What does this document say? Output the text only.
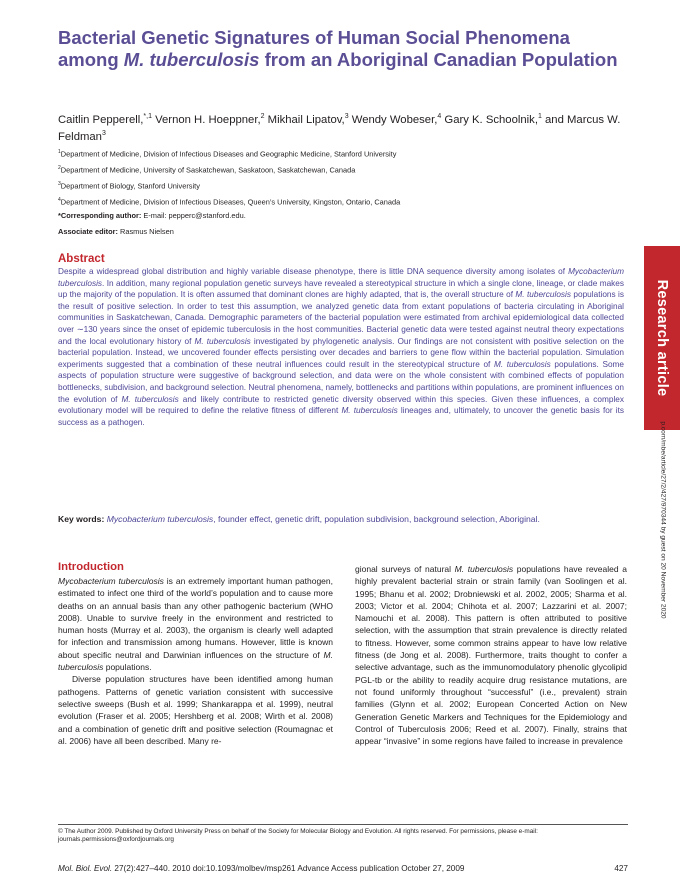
Bacterial Genetic Signatures of Human Social Phenomena among M. tuberculosis from an Aboriginal Canadian Population
Caitlin Pepperell,$^{*,1}$ Vernon H. Hoeppner,$^2$ Mikhail Lipatov,$^3$ Wendy Wobeser,$^4$ Gary K. Schoolnik,$^1$ and Marcus W. Feldman$^3$
$^1$Department of Medicine, Division of Infectious Diseases and Geographic Medicine, Stanford University
$^2$Department of Medicine, University of Saskatchewan, Saskatoon, Saskatchewan, Canada
$^3$Department of Biology, Stanford University
$^4$Department of Medicine, Division of Infectious Diseases, Queen’s University, Kingston, Ontario, Canada
*Corresponding author: E-mail: pepperc@stanford.edu.
Associate editor: Rasmus Nielsen
Abstract
Despite a widespread global distribution and highly variable disease phenotype, there is little DNA sequence diversity among isolates of Mycobacterium tuberculosis. In addition, many regional population genetic surveys have revealed a stereotypical structure in which a single clone, lineage, or clade makes up the majority of the population. It is often assumed that dominant clones are highly adapted, that is, the overall structure of M. tuberculosis populations is the result of positive selection. In order to test this assumption, we analyzed genetic data from extant populations of bacteria circulating in Aboriginal communities in Saskatchewan, Canada. Demographic parameters of the bacterial population were estimated from archival epidemiological data collected over ∼130 years since the onset of epidemic tuberculosis in the host communities. Bacterial genetic data were tested against neutral theory expectations and the local evolutionary history of M. tuberculosis investigated by phylogenetic analysis. Our findings are not consistent with positive selection on the bacterial population. Instead, we uncovered founder effects persisting over decades and barriers to gene flow within the bacterial population. Simulation experiments suggested that a combination of these neutral influences could result in the stereotypical structure of M. tuberculosis populations. Some aspects of population structure were suggestive of background selection, and data were on the whole consistent with combined effects of population bottlenecks, subdivision, and background selection. Neutral phenomena, namely, bottlenecks and partitions within populations, are prominent influences on the evolution of M. tuberculosis and likely contribute to restricted genetic diversity observed within this species. Given these influences, a complex evolutionary model will be required to define the relative fitness of different M. tuberculosis lineages and, ultimately, to uncover the genetic basis for its success as a pathogen.
Key words: Mycobacterium tuberculosis, founder effect, genetic drift, population subdivision, background selection, Aboriginal.
Introduction

Mycobacterium tuberculosis is an extremely important human pathogen, estimated to infect one third of the world’s population and to cause more deaths on an annual basis than any other pathogenic bacterium (WHO 2008). Unable to survive freely in the environment and restricted to human hosts (Murray et al. 2003), the organism is clearly well adapted for infection and transmission among humans. However, little is known about specific neutral and Darwinian influences on the structure of M. tuberculosis populations.

Diverse population structures have been identified among human pathogens. Patterns of genetic variation consistent with successive selective sweeps (Bush et al. 1999; Shankarappa et al. 1999), neutral evolution (Fraser et al. 2005; Hershberg et al. 2008; Wirth et al. 2008) and a combination of genetic drift and positive selection (Roumagnac et al. 2006) have all been described. Many re-

gional surveys of natural M. tuberculosis populations have revealed a highly prevalent bacterial strain or strain family (van Soolingen et al. 1995; Bhanu et al. 2002; Drobniewski et al. 2002, 2005; Sharma et al. 2003; Victor et al. 2004; Chihota et al. 2007; Lazzarini et al. 2007; Namouchi et al. 2008). This pattern is often attributed to positive selection, with the assumption that strain prevalence is directly related to fitness. However, some common strains appear to have low relative fitness (de Jong et al. 2008). Furthermore, traits thought to confer a selective advantage, such as the immunomodulatory phenolic glycolipid PGL-tb or the ability to readily acquire drug resistance mutations, are not found uniformly throughout “successful” (i.e., prevalent) strain families (Glynn et al. 2002; European Concerted Action on New Generation Genetic Markers and Techniques for the Epidemiology and Control of Tuberculosis 2006; Reed et al. 2007). Finally, strains that appear “invasive” in some regions have failed to increase in prevalence

© The Author 2009. Published by Oxford University Press on behalf of the Society for Molecular Biology and Evolution. All rights reserved. For permissions, please e-mail: journals.permissions@oxfordjournals.org
Mol. Biol. Evol. 27(2):427–440. 2010 doi:10.1093/molbev/msp261 Advance Access publication October 27, 2009	427
Research article
p.com/mbe/article/27/2/427/970344 by guest on 20 November 2020
